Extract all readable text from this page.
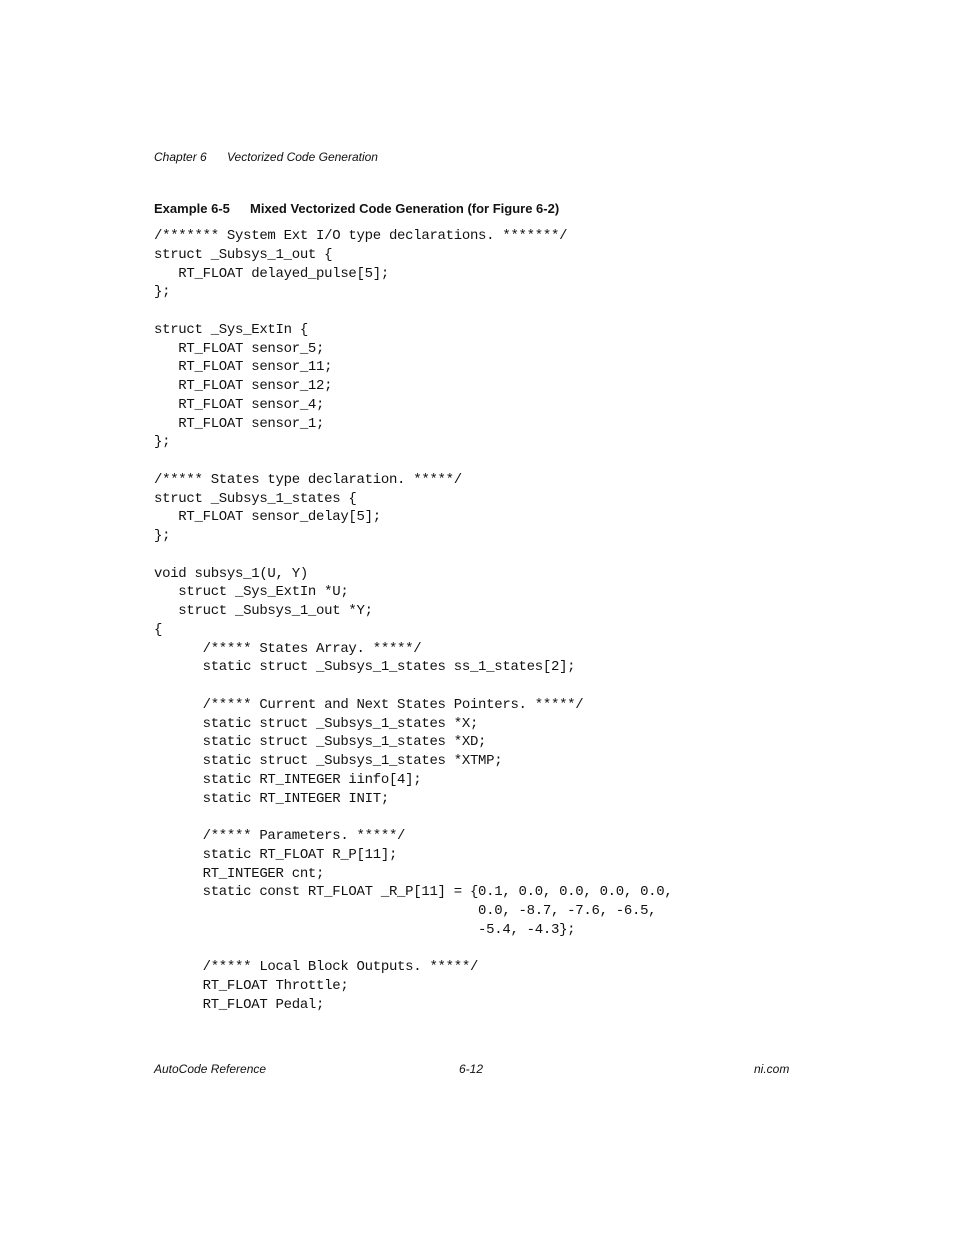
Chapter 6 Vectorized Code Generation
Example 6-5 Mixed Vectorized Code Generation (for Figure 6-2)
/******* System Ext I/O type declarations. *******/
struct _Subsys_1_out {
RT_FLOAT delayed_pulse[5];
};
struct _Sys_ExtIn {
RT_FLOAT sensor_5;
RT_FLOAT sensor_11;
RT_FLOAT sensor_12;
RT_FLOAT sensor_4;
RT_FLOAT sensor_1;
};
/***** States type declaration. *****/
struct _Subsys_1_states {
RT_FLOAT sensor_delay[5];
};
void subsys_1(U, Y)
struct _Sys_ExtIn *U;
struct _Subsys_1_out *Y;
{
/***** States Array. *****/
static struct _Subsys_1_states ss_1_states[2];
/***** Current and Next States Pointers. *****/
static struct _Subsys_1_states *X;
static struct _Subsys_1_states *XD;
static struct _Subsys_1_states *XTMP;
static RT_INTEGER iinfo[4];
static RT_INTEGER INIT;
/***** Parameters. *****/
static RT_FLOAT R_P[11];
RT_INTEGER cnt;
static const RT_FLOAT _R_P[11] = {0.1, 0.0, 0.0, 0.0, 0.0,
0.0, -8.7, -7.6, -6.5,
-5.4, -4.3};
/***** Local Block Outputs. *****/
RT_FLOAT Throttle;
RT_FLOAT Pedal;
AutoCode Reference	6-12	ni.com
